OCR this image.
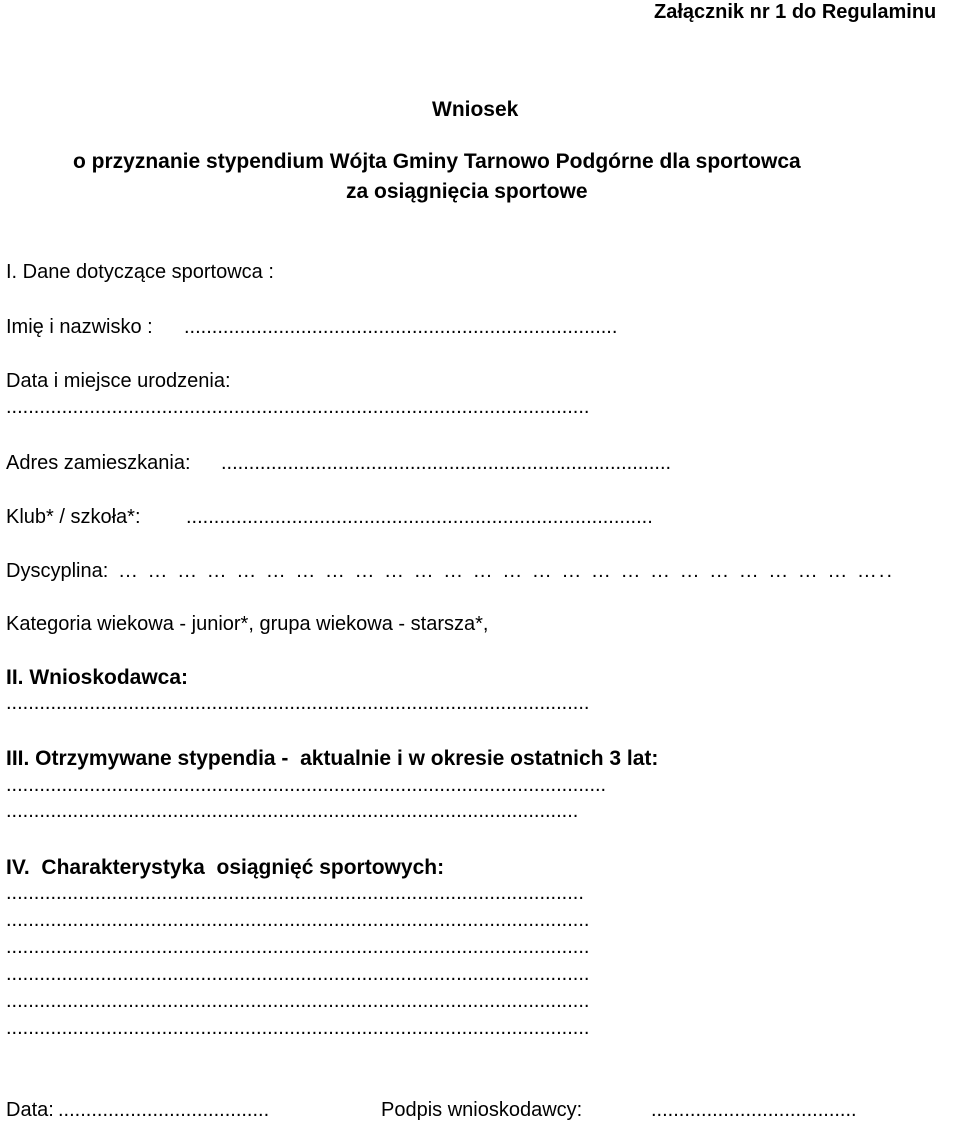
Załącznik nr 1 do Regulaminu
Wniosek
o przyznanie stypendium Wójta Gminy Tarnowo Podgórne dla sportowca
za osiągnięcia sportowe
I. Dane dotyczące sportowca :
Imię i nazwisko : ..............................................................................
Data i miejsce urodzenia:
.........................................................................................................
Adres zamieszkania: .................................................................................
Klub* / szkoła*: ....................................................................................
Dyscyplina: … … … … … … … … … … … … … … … … … … … … … … … … … …..
Kategoria wiekowa - junior*, grupa wiekowa - starsza*,
II. Wnioskodawca:
.........................................................................................................
III. Otrzymywane stypendia -  aktualnie i w okresie ostatnich 3 lat:
............................................................................................................
.......................................................................................................
IV.  Charakterystyka  osiągnięć sportowych:
........................................................................................................
.........................................................................................................
.........................................................................................................
.........................................................................................................
.........................................................................................................
.........................................................................................................
Data: ......................................	Podpis wnioskodawcy:	.....................................
